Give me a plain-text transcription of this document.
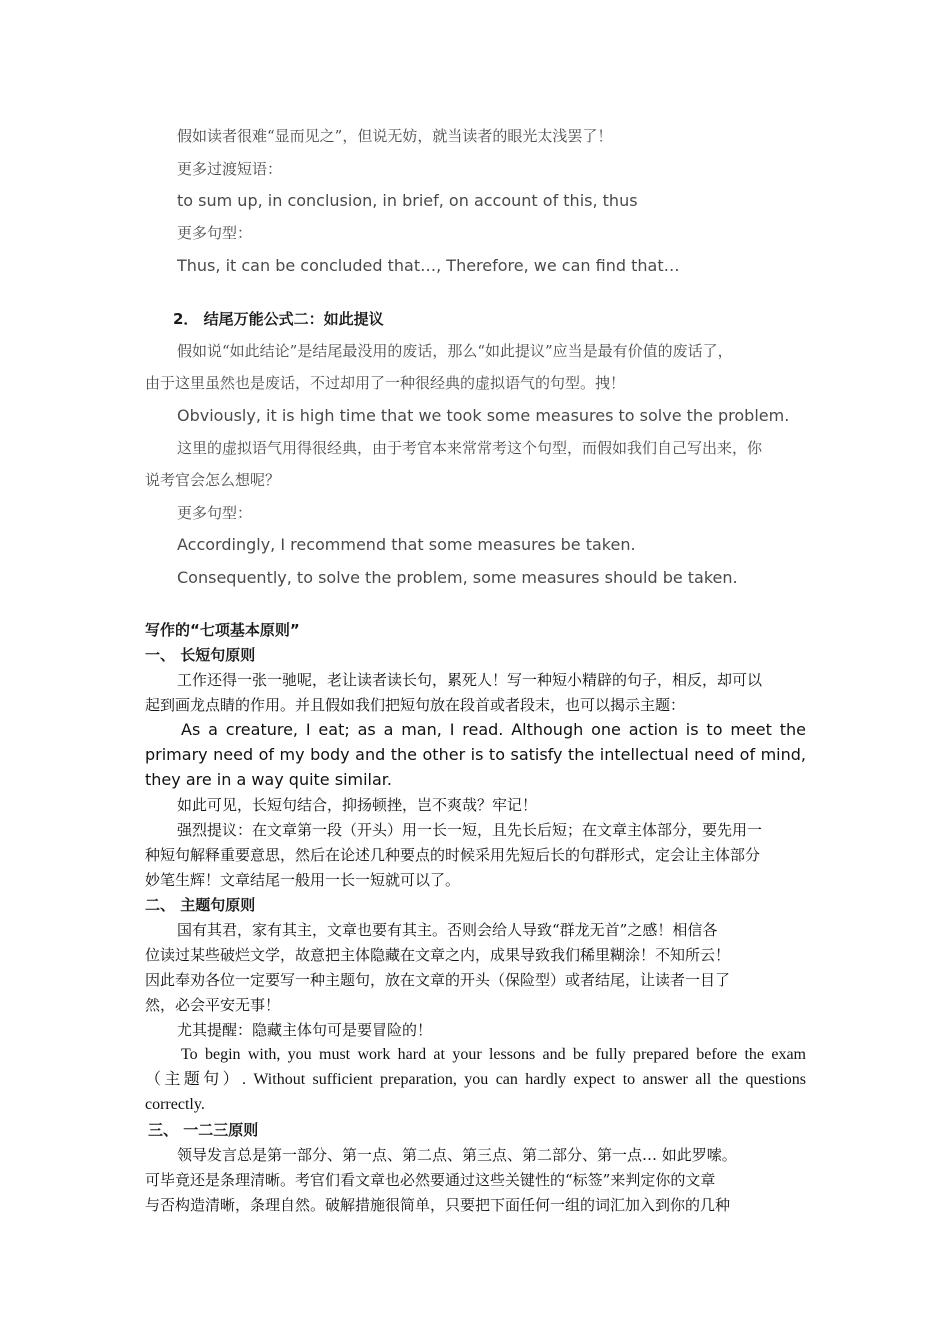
假如读者很难“显而见之”，但说无妨，就当读者的眼光太浅罢了！
更多过渡短语：
to sum up, in conclusion, in brief, on account of this, thus
更多句型：
Thus, it can be concluded that…, Therefore, we can find that…
2． 结尾万能公式二：如此提议
假如说“如此结论”是结尾最没用的废话，那么“如此提议”应当是最有价值的废话了，
由于这里虽然也是废话，不过却用了一种很经典的虚拟语气的句型。拽！
Obviously, it is high time that we took some measures to solve the problem.
这里的虚拟语气用得很经典，由于考官本来常常考这个句型，而假如我们自己写出来，你
说考官会怎么想呢？
更多句型：
Accordingly, I recommend that some measures be taken.
Consequently, to solve the problem, some measures should be taken.
写作的“七项基本原则”
一、 长短句原则
工作还得一张一驰呢，老让读者读长句，累死人！写一种短小精辟的句子，相反，却可以
起到画龙点睛的作用。并且假如我们把短句放在段首或者段末，也可以揭示主题：
As a creature, I eat; as a man, I read. Although one action is to meet the
primary need of my body and the other is to satisfy the intellectual need of mind,
they are in a way quite similar.
如此可见，长短句结合，抑扬顿挫，岂不爽哉？牢记！
强烈提议：在文章第一段（开头）用一长一短，且先长后短；在文章主体部分，要先用一
种短句解释重要意思，然后在论述几种要点的时候采用先短后长的句群形式，定会让主体部分
妙笔生辉！文章结尾一般用一长一短就可以了。
二、 主题句原则
国有其君，家有其主，文章也要有其主。否则会给人导致“群龙无首”之感！相信各
位读过某些破烂文学，故意把主体隐藏在文章之内，成果导致我们稀里糊涂！不知所云！
因此奉劝各位一定要写一种主题句，放在文章的开头（保险型）或者结尾，让读者一目了
然，必会平安无事！
尤其提醒：隐藏主体句可是要冒险的！
To begin with, you must work hard at your lessons and be fully prepared before the exam
（主题句）. Without sufficient preparation, you can hardly expect to answer all the questions
correctly.
三、 一二三原则
领导发言总是第一部分、第一点、第二点、第三点、第二部分、第一点… 如此罗嗦。
可毕竟还是条理清晰。考官们看文章也必然要通过这些关键性的“标签”来判定你的文章
与否构造清晰，条理自然。破解措施很简单，只要把下面任何一组的词汇加入到你的几种
